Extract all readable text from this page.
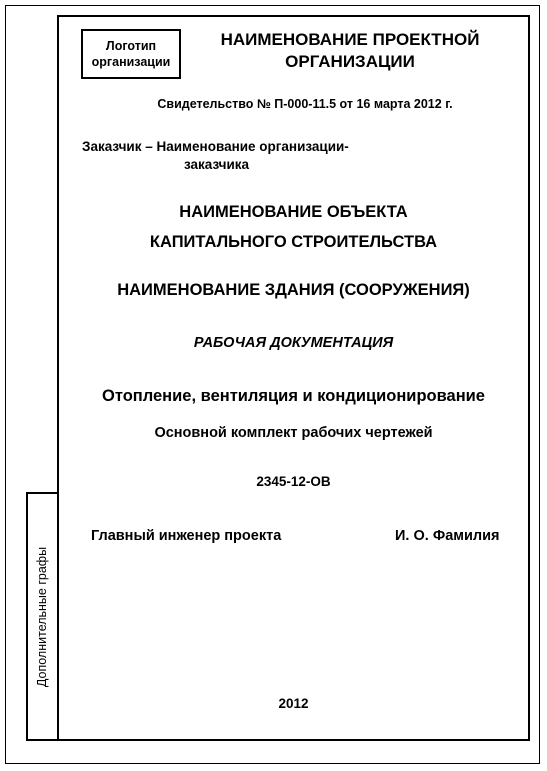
Дополнительные графы
Логотип
организации
НАИМЕНОВАНИЕ ПРОЕКТНОЙ
ОРГАНИЗАЦИИ
Свидетельство № П-000-11.5 от 16 марта 2012 г.
Заказчик – Наименование организации-
заказчика
НАИМЕНОВАНИЕ ОБЪЕКТА
КАПИТАЛЬНОГО СТРОИТЕЛЬСТВА
НАИМЕНОВАНИЕ ЗДАНИЯ (СООРУЖЕНИЯ)
РАБОЧАЯ ДОКУМЕНТАЦИЯ
Отопление, вентиляция и кондиционирование
Основной комплект рабочих чертежей
2345-12-ОВ
Главный инженер проекта	И. О. Фамилия
2012
